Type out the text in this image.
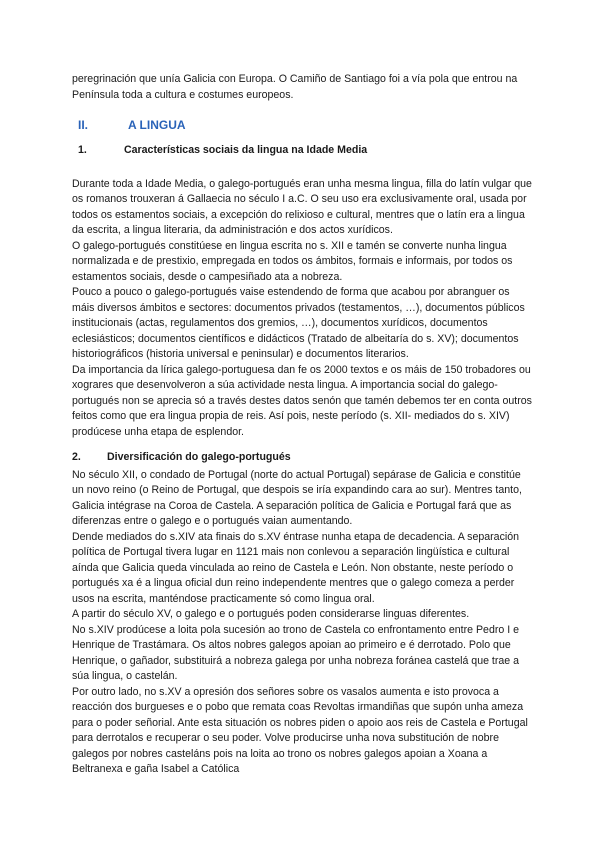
peregrinación que unía Galicia con Europa. O Camiño de Santiago foi a vía pola que entrou na Península toda a cultura e costumes europeos.

II.	A LINGUA
1.	Características sociais da lingua na Idade Media

Durante toda a Idade Media, o galego-portugués eran unha mesma lingua, filla do latín vulgar que os romanos trouxeran á Gallaecia no século I a.C. O seu uso era exclusivamente oral, usada por todos os estamentos sociais, a excepción do relixioso e cultural, mentres que o latín era a lingua da escrita, a lingua literaria, da administración e dos actos xurídicos.

O galego-portugués constitúese en lingua escrita no s. XII e tamén se converte nunha lingua normalizada e de prestixio, empregada en todos os ámbitos, formais e informais, por todos os estamentos sociais, desde o campesiñado ata a nobreza.

Pouco a pouco o galego-portugués vaise estendendo de forma que acabou por abranguer os máis diversos ámbitos e sectores: documentos privados (testamentos, …), documentos públicos institucionais (actas, regulamentos dos gremios, …), documentos xurídicos, documentos eclesiásticos; documentos científicos e didácticos (Tratado de albeitaría do s. XV); documentos historiográficos (historia universal e peninsular) e documentos literarios.

Da importancia da lírica galego-portuguesa dan fe os 2000 textos e os máis de 150 trobadores ou xograres que desenvolveron a súa actividade nesta lingua. A importancia social do galego-portugués non se aprecia só a través destes datos senón que tamén debemos ter en conta outros feitos como que era lingua propia de reis. Así pois, neste período (s. XII- mediados do s. XIV) prodúcese unha etapa de esplendor.

2.	Diversificación do galego-portugués

No século XII, o condado de Portugal (norte do actual Portugal) sepárase de Galicia e constitúe un novo reino (o Reino de Portugal, que despois se iría expandindo cara ao sur). Mentres tanto, Galicia intégrase na Coroa de Castela. A separación política de Galicia e Portugal fará que as diferenzas entre o galego e o portugués vaian aumentando.

Dende mediados do s.XIV ata finais do s.XV éntrase nunha etapa de decadencia. A separación política de Portugal tivera lugar en 1121 mais non conlevou a separación lingüística e cultural aínda que Galicia queda vinculada ao reino de Castela e León. Non obstante, neste período o portugués xa é a lingua oficial dun reino independente mentres que o galego comeza a perder usos na escrita, manténdose practicamente só como lingua oral.

A partir do século XV, o galego e o portugués poden considerarse linguas diferentes.

No s.XIV prodúcese a loita pola sucesión ao trono de Castela co enfrontamento entre Pedro I e Henrique de Trastámara. Os altos nobres galegos apoian ao primeiro e é derrotado. Polo que Henrique, o gañador, substituirá a nobreza galega por unha nobreza foránea castelá que trae a súa lingua, o castelán.

Por outro lado, no s.XV a opresión dos señores sobre os vasalos aumenta e isto provoca a reacción dos burgueses e o pobo que remata coas Revoltas irmandiñas que supón unha ameza para o poder señorial. Ante esta situación os nobres piden o apoio aos reis de Castela e Portugal para derrotalos e recuperar o seu poder. Volve producirse unha nova substitución de nobre galegos por nobres casteláns pois na loita ao trono os nobres galegos apoian a Xoana a Beltranexa e gaña Isabel a Católica
